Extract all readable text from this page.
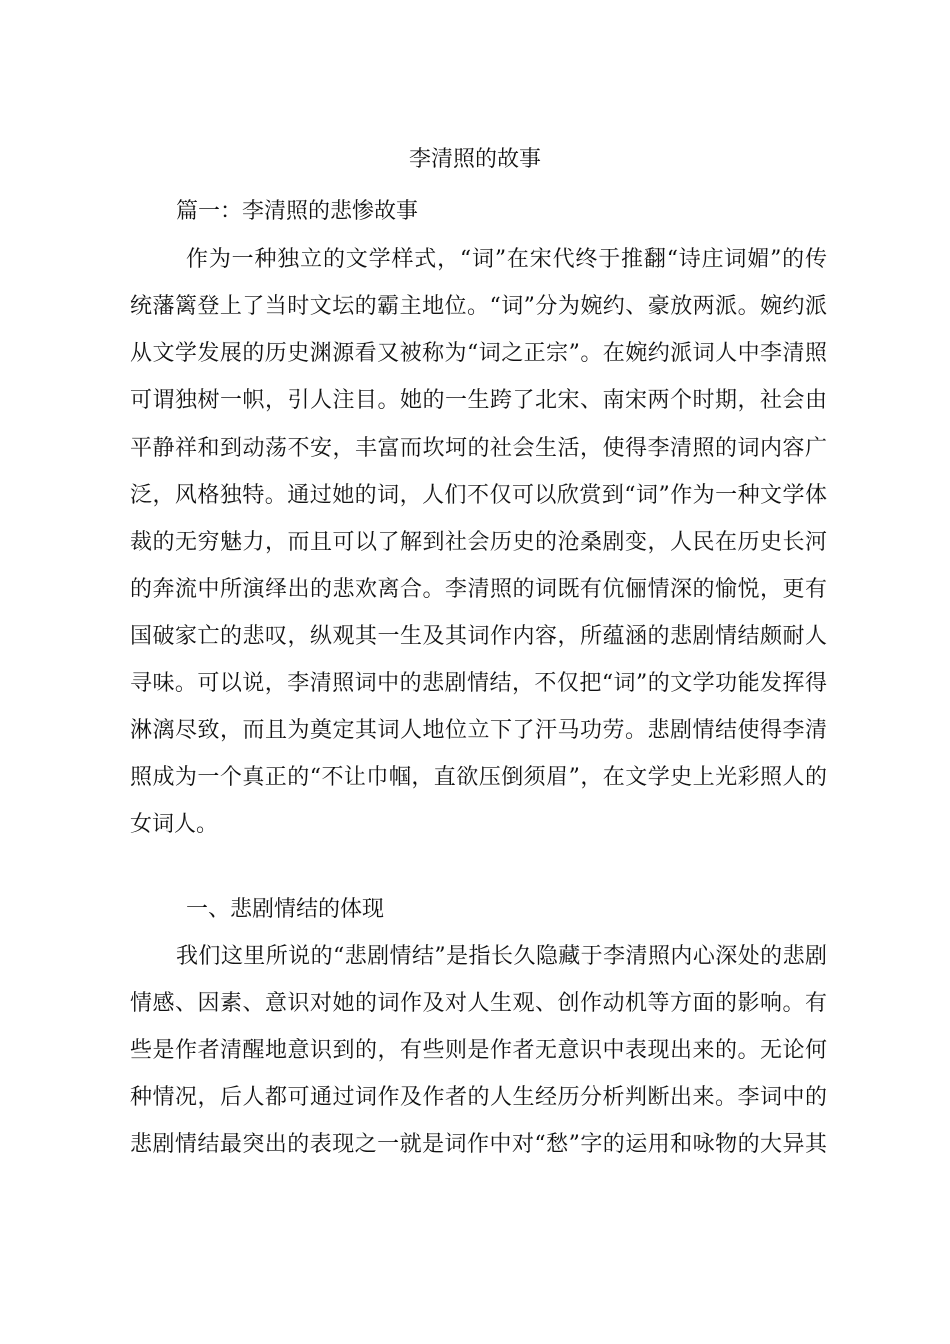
李清照的故事
篇一：李清照的悲惨故事
作为一种独立的文学样式，“词”在宋代终于推翻“诗庄词媚”的传
统藩篱登上了当时文坛的霸主地位。“词”分为婉约、豪放两派。婉约派
从文学发展的历史渊源看又被称为“词之正宗”。在婉约派词人中李清照
可谓独树一帜，引人注目。她的一生跨了北宋、南宋两个时期，社会由
平静祥和到动荡不安，丰富而坎坷的社会生活，使得李清照的词内容广
泛，风格独特。通过她的词，人们不仅可以欣赏到“词”作为一种文学体
裁的无穷魅力，而且可以了解到社会历史的沧桑剧变，人民在历史长河
的奔流中所演绎出的悲欢离合。李清照的词既有伉俪情深的愉悦，更有
国破家亡的悲叹，纵观其一生及其词作内容，所蕴涵的悲剧情结颇耐人
寻味。可以说，李清照词中的悲剧情结，不仅把“词”的文学功能发挥得
淋漓尽致，而且为奠定其词人地位立下了汗马功劳。悲剧情结使得李清
照成为一个真正的“不让巾帼，直欲压倒须眉”，在文学史上光彩照人的
女词人。
一、悲剧情结的体现
我们这里所说的“悲剧情结”是指长久隐藏于李清照内心深处的悲剧
情感、因素、意识对她的词作及对人生观、创作动机等方面的影响。有
些是作者清醒地意识到的，有些则是作者无意识中表现出来的。无论何
种情况，后人都可通过词作及作者的人生经历分析判断出来。李词中的
悲剧情结最突出的表现之一就是词作中对“愁”字的运用和咏物的大异其
